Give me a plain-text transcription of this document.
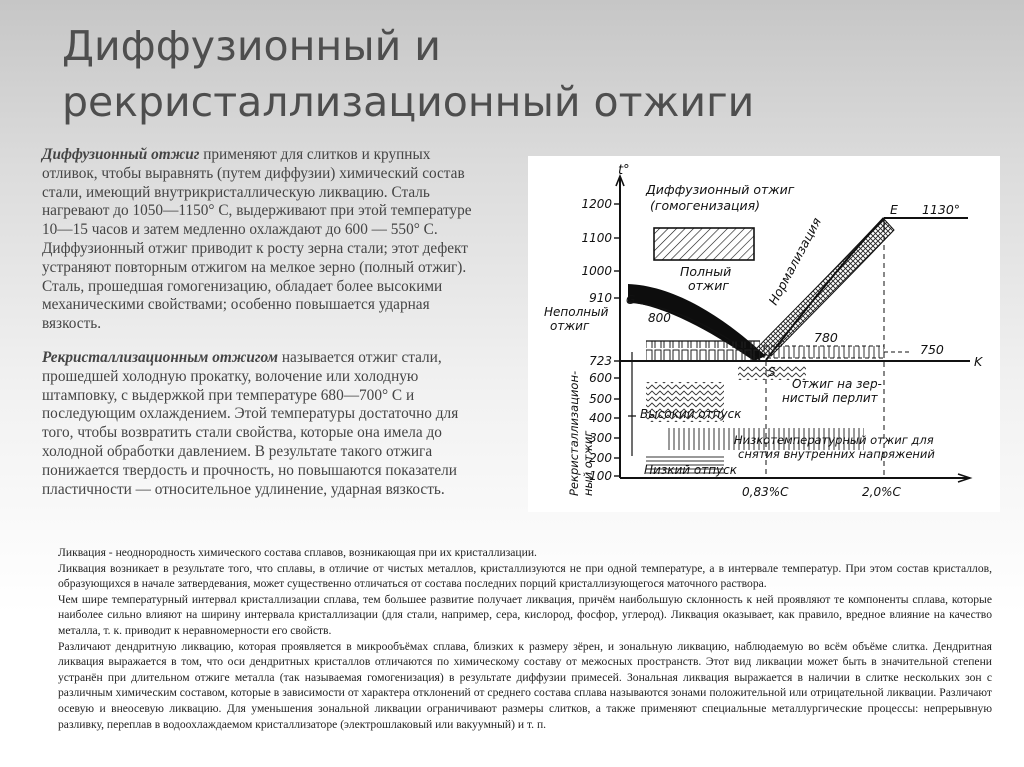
Диффузионный и
рекристаллизационный отжиги

Диффузионный отжиг применяют для слитков и крупных отливок, чтобы выравнять (путем диффузии) химический состав стали, имеющий внутрикристаллическую ликвацию. Сталь нагревают до 1050—1150° С, выдерживают при этой температуре 10—15 часов и затем медленно охлаждают до 600 — 550° С. Диффузионный отжиг приводит к росту зерна стали; этот дефект устраняют повторным отжигом на мелкое зерно (полный отжиг). Сталь, прошедшая гомогенизацию, обладает более высокими механическими свойствами; особенно повышается ударная вязкость.

Рекристаллизационным отжигом называется отжиг стали, прошедшей холодную прокатку, волочение или холодную штамповку, с выдержкой при температуре 680—700° С и последующим охлаждением. Этой температуры достаточно для того, чтобы возвратить стали свойства, которые она имела до холодной обработки давлением. В результате такого отжига понижается твердость и прочность, но повышаются показатели пластичности — относительное удлинение, ударная вязкость.

1200
1100
1000
910
723
600
500
400
300
200
100
t°
Диффузионный отжиг
(гомогенизация)
Полный
отжиг	Нормализация
E 1130°
G
800
Неполный
отжиг
780
750
K
S
Отжиг на зер-
нистый перлит
Высокий отпуск
Низкотемпературный отжиг для
снятия внутренних напряжений
Низкий отпуск
0,83%С	2,0%С
Рекристаллизацион- ный отжиг

Ликвация - неоднородность химического состава сплавов, возникающая при их кристаллизации.

Ликвация возникает в результате того, что сплавы, в отличие от чистых металлов, кристаллизуются не при одной температуре, а в интервале температур. При этом состав кристаллов, образующихся в начале затвердевания, может существенно отличаться от состава последних порций кристаллизующегося маточного раствора.

Чем шире температурный интервал кристаллизации сплава, тем большее развитие получает ликвация, причём наибольшую склонность к ней проявляют те компоненты сплава, которые наиболее сильно влияют на ширину интервала кристаллизации (для стали, например, сера, кислород, фосфор, углерод). Ликвация оказывает, как правило, вредное влияние на качество металла, т. к. приводит к неравномерности его свойств.

Различают дендритную ликвацию, которая проявляется в микрообъёмах сплава, близких к размеру зёрен, и зональную ликвацию, наблюдаемую во всём объёме слитка. Дендритная ликвация выражается в том, что оси дендритных кристаллов отличаются по химическому составу от межосных пространств. Этот вид ликвации может быть в значительной степени устранён при длительном отжиге металла (так называемая гомогенизация) в результате диффузии примесей. Зональная ликвация выражается в наличии в слитке нескольких зон с различным химическим составом, которые в зависимости от характера отклонений от среднего состава сплава называются зонами положительной или отрицательной ликвации. Различают осевую и внеосевую ликвацию. Для уменьшения зональной ликвации ограничивают размеры слитков, а также применяют специальные металлургические процессы: непрерывную разливку, переплав в водоохлаждаемом кристаллизаторе (электрошлаковый или вакуумный) и т. п.
